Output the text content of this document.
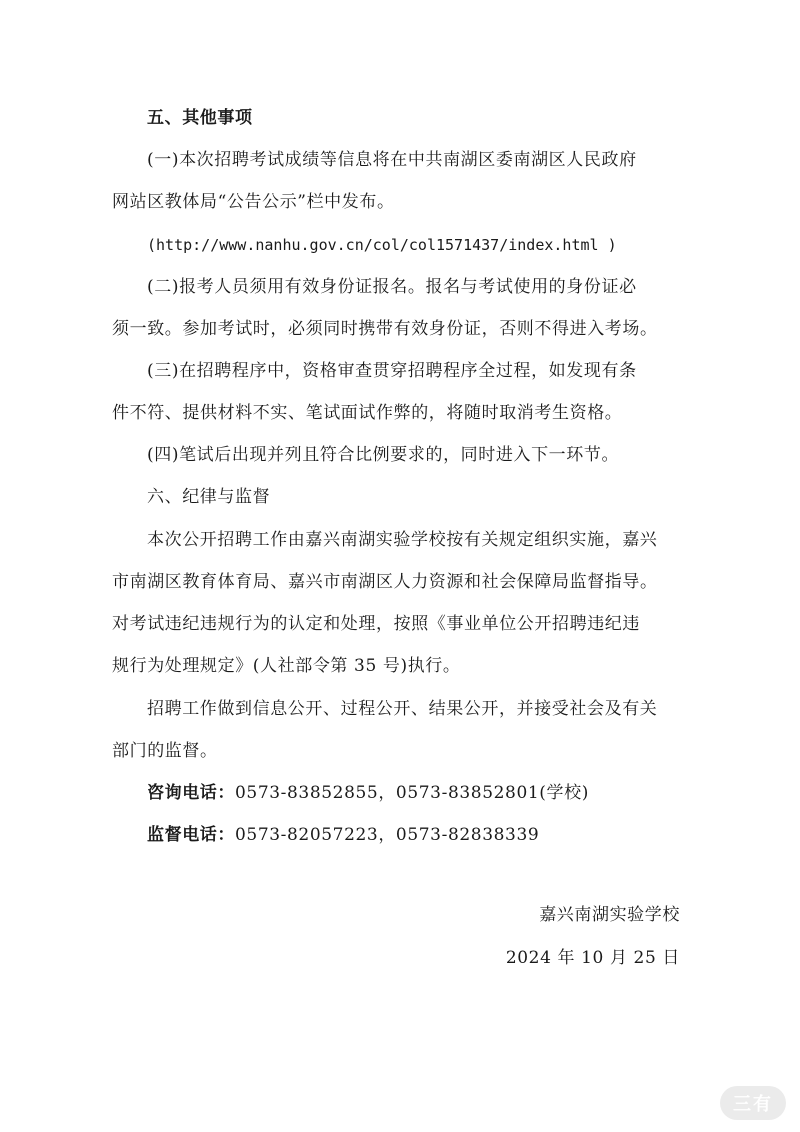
五、其他事项
(一)本次招聘考试成绩等信息将在中共南湖区委南湖区人民政府
网站区教体局“公告公示”栏中发布。
(http://www.nanhu.gov.cn/col/col1571437/index.html )
(二)报考人员须用有效身份证报名。报名与考试使用的身份证必
须一致。参加考试时，必须同时携带有效身份证，否则不得进入考场。
(三)在招聘程序中，资格审查贯穿招聘程序全过程，如发现有条
件不符、提供材料不实、笔试面试作弊的，将随时取消考生资格。
(四)笔试后出现并列且符合比例要求的，同时进入下一环节。
六、纪律与监督
本次公开招聘工作由嘉兴南湖实验学校按有关规定组织实施，嘉兴
市南湖区教育体育局、嘉兴市南湖区人力资源和社会保障局监督指导。
对考试违纪违规行为的认定和处理，按照《事业单位公开招聘违纪违
规行为处理规定》(人社部令第 35 号)执行。
招聘工作做到信息公开、过程公开、结果公开，并接受社会及有关
部门的监督。
咨询电话：0573-83852855，0573-83852801(学校)
监督电话：0573-82057223，0573-82838339
嘉兴南湖实验学校
2024 年 10 月 25 日
三有
